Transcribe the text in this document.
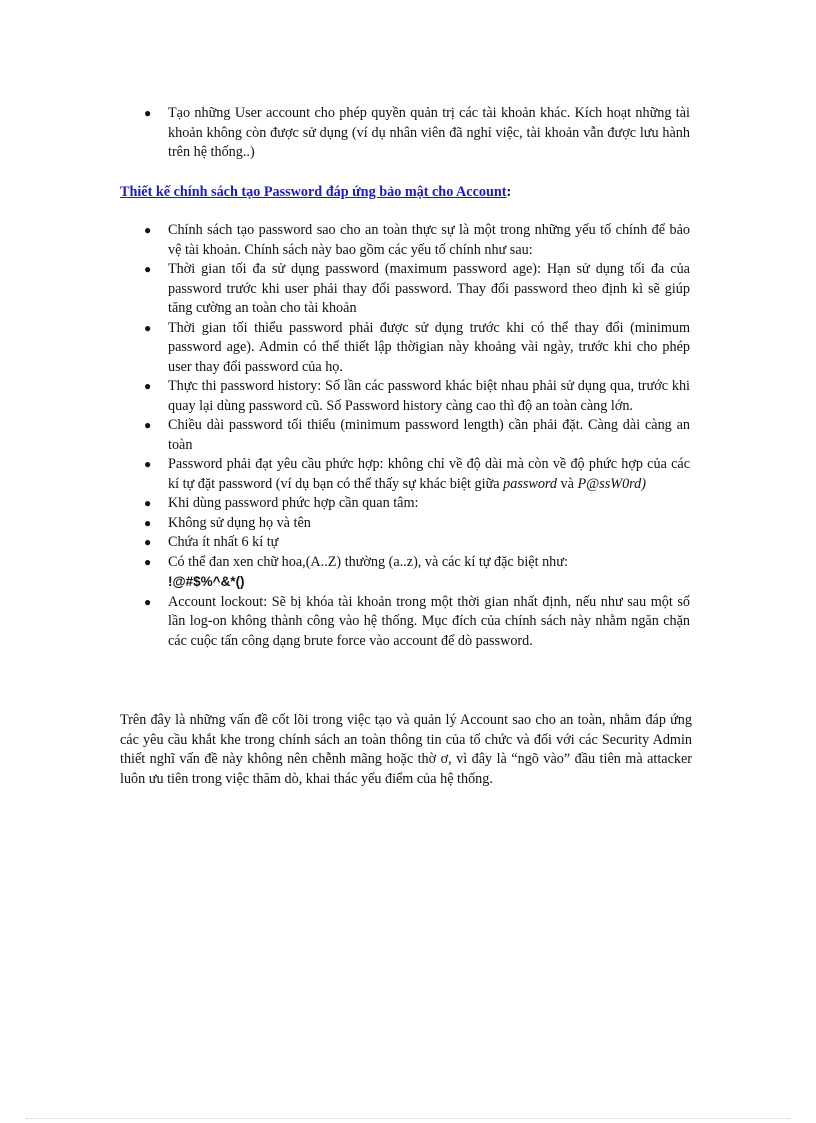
● Tạo những User account cho phép quyền quản trị các tài khoản khác. Kích hoạt những tài khoản không còn được sử dụng (ví dụ nhân viên đã nghỉ việc, tài khoản vẫn được lưu hành trên hệ thống..)
Thiết kế chính sách tạo Password đáp ứng bảo mật cho Account:
● Chính sách tạo password sao cho an toàn thực sự là một trong những yếu tố chính để bảo vệ tài khoản. Chính sách này bao gồm các yếu tố chính như sau:
● Thời gian tối đa sử dụng password (maximum password age): Hạn sử dụng tối đa của password trước khi user phải thay đổi password. Thay đổi password theo định kì sẽ giúp tăng cường an toàn cho tài khoản
● Thời gian tối thiểu password phải được sử dụng trước khi có thể thay đổi (minimum password age). Admin có thể thiết lập thờigian này khoảng vài ngày, trước khi cho phép user thay đổi password của họ.
● Thực thi password history: Số lần các password khác biệt nhau phải sử dụng qua, trước khi quay lại dùng password cũ. Số Password history càng cao thì độ an toàn càng lớn.
● Chiều dài password tối thiểu (minimum password length) cần phải đặt. Càng dài càng an toàn
● Password phải đạt yêu cầu phức hợp: không chỉ về độ dài mà còn về độ phức hợp của các kí tự đặt password (ví dụ bạn có thể thấy sự khác biệt giữa password và P@ssW0rd)
● Khi dùng password phức hợp cần quan tâm:
● Không sử dụng họ và tên
● Chứa ít nhất 6 kí tự
● Có thể đan xen chữ hoa,(A..Z) thường (a..z), và các kí tự đặc biệt như:
!@#$%^&*()
● Account lockout: Sẽ bị khóa tài khoản trong một thời gian nhất định, nếu như sau một số lần log-on không thành công vào hệ thống. Mục đích của chính sách này nhằm ngăn chặn các cuộc tấn công dạng brute force vào account để dò password.

Trên đây là những vấn đề cốt lõi trong việc tạo và quản lý Account sao cho an toàn, nhằm đáp ứng các yêu cầu khắt khe trong chính sách an toàn thông tin của tổ chức và đối với các Security Admin thiết nghĩ vấn đề này không nên chễnh mãng hoặc thờ ơ, vì đây là “ngõ vào” đầu tiên mà attacker luôn ưu tiên trong việc thăm dò, khai thác yếu điểm của hệ thống.
